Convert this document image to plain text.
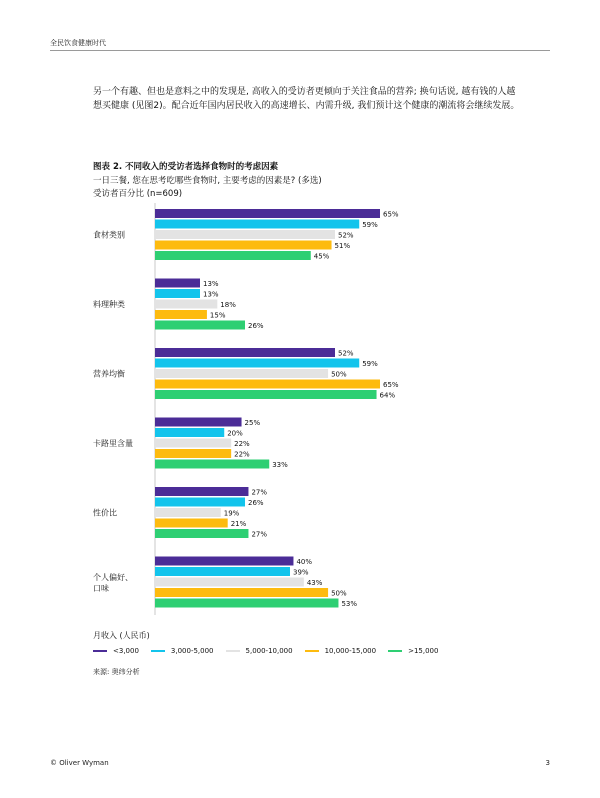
全民饮食健康时代
另一个有趣、但也是意料之中的发现是, 高收入的受访者更倾向于关注食品的营养; 换句话说, 越有钱的人越想买健康 (见图2)。配合近年国内居民收入的高速增长、内需升级, 我们预计这个健康的潮流将会继续发展。
图表 2. 不同收入的受访者选择食物时的考虑因素
一日三餐, 您在思考吃哪些食物时, 主要考虑的因素是? (多选)
受访者百分比 (n=609)
食材类别
65%
59%
52%
51%
45%
料理种类
13%
13%
18%
15%
26%
营养均衡
52%
59%
50%
65%
64%
卡路里含量
25%
20%
22%
22%
33%
性价比
27%
26%
19%
21%
27%
个人偏好、口味
40%
39%
43%
50%
53%
月收入 (人民币)
<3,000	3,000-5,000	5,000-10,000	10,000-15,000	>15,000
来源: 奥纬分析
© Oliver Wyman	3
